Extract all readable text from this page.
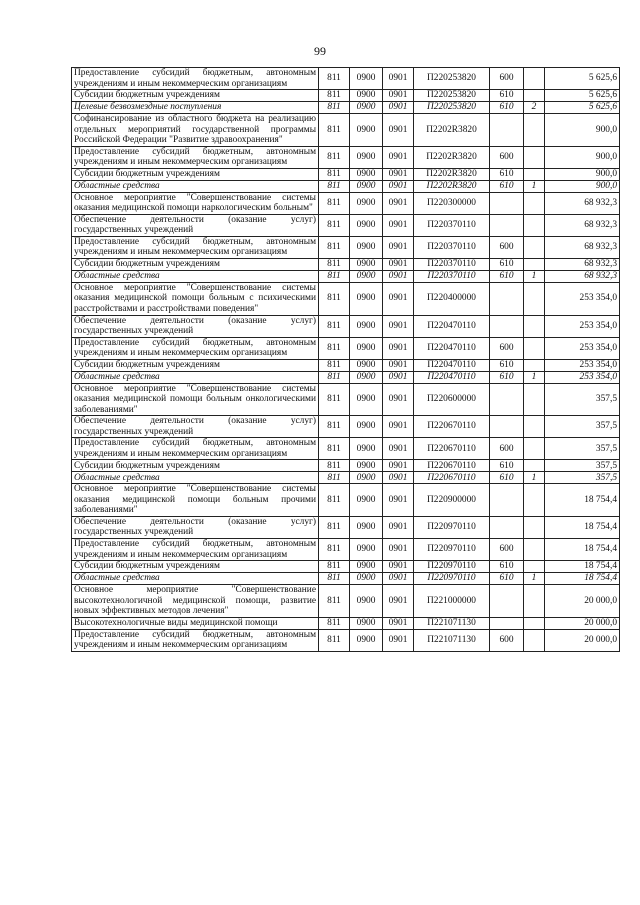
99
Предоставление субсидий бюджетным, автономным учреждениям и иным некоммерческим организациям	811	0900	0901	П220253820	600		5 625,6
Субсидии бюджетным учреждениям	811	0900	0901	П220253820	610		5 625,6
Целевые безвозмездные поступления	811	0900	0901	П220253820	610	2	5 625,6
Софинансирование из областного бюджета на реализацию отдельных мероприятий государственной программы Российской Федерации "Развитие здравоохранения"	811	0900	0901	П2202R3820			900,0
Предоставление субсидий бюджетным, автономным учреждениям и иным некоммерческим организациям	811	0900	0901	П2202R3820	600		900,0
Субсидии бюджетным учреждениям	811	0900	0901	П2202R3820	610		900,0
Областные средства	811	0900	0901	П2202R3820	610	1	900,0
Основное мероприятие "Совершенствование системы оказания медицинской помощи наркологическим больным"	811	0900	0901	П220300000			68 932,3
Обеспечение деятельности (оказание услуг) государственных учреждений	811	0900	0901	П220370110			68 932,3
Предоставление субсидий бюджетным, автономным учреждениям и иным некоммерческим организациям	811	0900	0901	П220370110	600		68 932,3
Субсидии бюджетным учреждениям	811	0900	0901	П220370110	610		68 932,3
Областные средства	811	0900	0901	П220370110	610	1	68 932,3
Основное мероприятие "Совершенствование системы оказания медицинской помощи больным с психическими расстройствами и расстройствами поведения"	811	0900	0901	П220400000			253 354,0
Обеспечение деятельности (оказание услуг) государственных учреждений	811	0900	0901	П220470110			253 354,0
Предоставление субсидий бюджетным, автономным учреждениям и иным некоммерческим организациям	811	0900	0901	П220470110	600		253 354,0
Субсидии бюджетным учреждениям	811	0900	0901	П220470110	610		253 354,0
Областные средства	811	0900	0901	П220470110	610	1	253 354,0
Основное мероприятие "Совершенствование системы оказания медицинской помощи больным онкологическими заболеваниями"	811	0900	0901	П220600000			357,5
Обеспечение деятельности (оказание услуг) государственных учреждений	811	0900	0901	П220670110			357,5
Предоставление субсидий бюджетным, автономным учреждениям и иным некоммерческим организациям	811	0900	0901	П220670110	600		357,5
Субсидии бюджетным учреждениям	811	0900	0901	П220670110	610		357,5
Областные средства	811	0900	0901	П220670110	610	1	357,5
Основное мероприятие "Совершенствование системы оказания медицинской помощи больным прочими заболеваниями"	811	0900	0901	П220900000			18 754,4
Обеспечение деятельности (оказание услуг) государственных учреждений	811	0900	0901	П220970110			18 754,4
Предоставление субсидий бюджетным, автономным учреждениям и иным некоммерческим организациям	811	0900	0901	П220970110	600		18 754,4
Субсидии бюджетным учреждениям	811	0900	0901	П220970110	610		18 754,4
Областные средства	811	0900	0901	П220970110	610	1	18 754,4
Основное мероприятие "Совершенствование высокотехнологичной медицинской помощи, развитие новых эффективных методов лечения"	811	0900	0901	П221000000			20 000,0
Высокотехнологичные виды медицинской помощи	811	0900	0901	П221071130			20 000,0
Предоставление субсидий бюджетным, автономным учреждениям и иным некоммерческим организациям	811	0900	0901	П221071130	600		20 000,0
